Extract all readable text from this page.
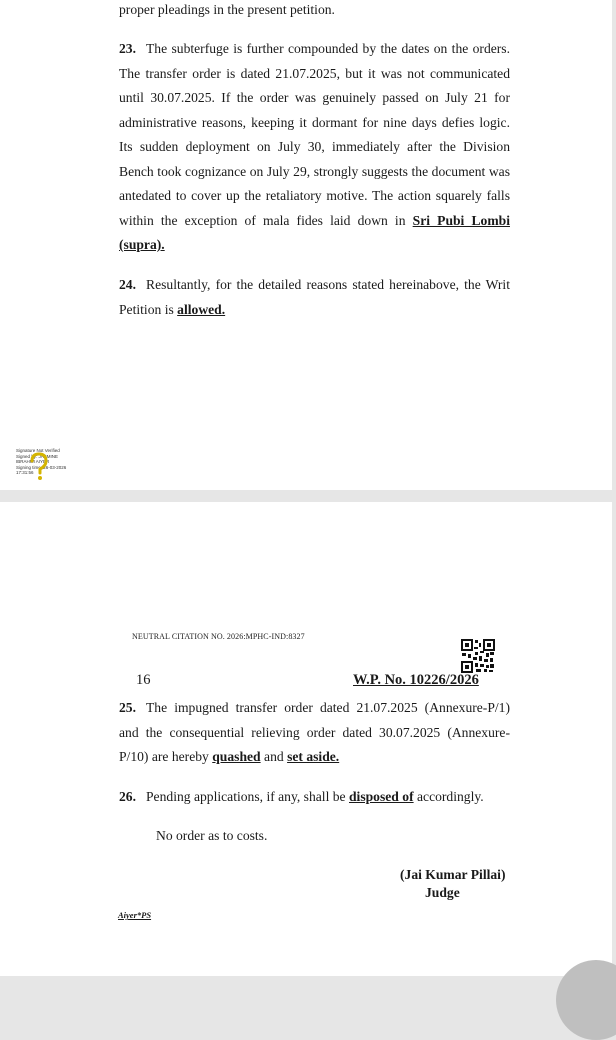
proper pleadings in the present petition.

23. The subterfuge is further compounded by the dates on the orders. The transfer order is dated 21.07.2025, but it was not communicated until 30.07.2025. If the order was genuinely passed on July 21 for administrative reasons, keeping it dormant for nine days defies logic. Its sudden deployment on July 30, immediately after the Division Bench took cognizance on July 29, strongly suggests the document was antedated to cover up the retaliatory motive. The action squarely falls within the exception of mala fides laid down in Sri Pubi Lombi (supra).

24. Resultantly, for the detailed reasons stated hereinabove, the Writ Petition is allowed.

Signature Not Verified
Signed by: JASMINE IBRAHIM AIYER
Signing time: 26-03-2026
17:31:56
NEUTRAL CITATION NO. 2026:MPHC-IND:8327
16	W.P. No. 10226/2026

25. The impugned transfer order dated 21.07.2025 (Annexure-P/1) and the consequential relieving order dated 30.07.2025 (Annexure-P/10) are hereby quashed and set aside.

26. Pending applications, if any, shall be disposed of accordingly.

No order as to costs.

(Jai Kumar Pillai)
Judge
Aiyer*PS
